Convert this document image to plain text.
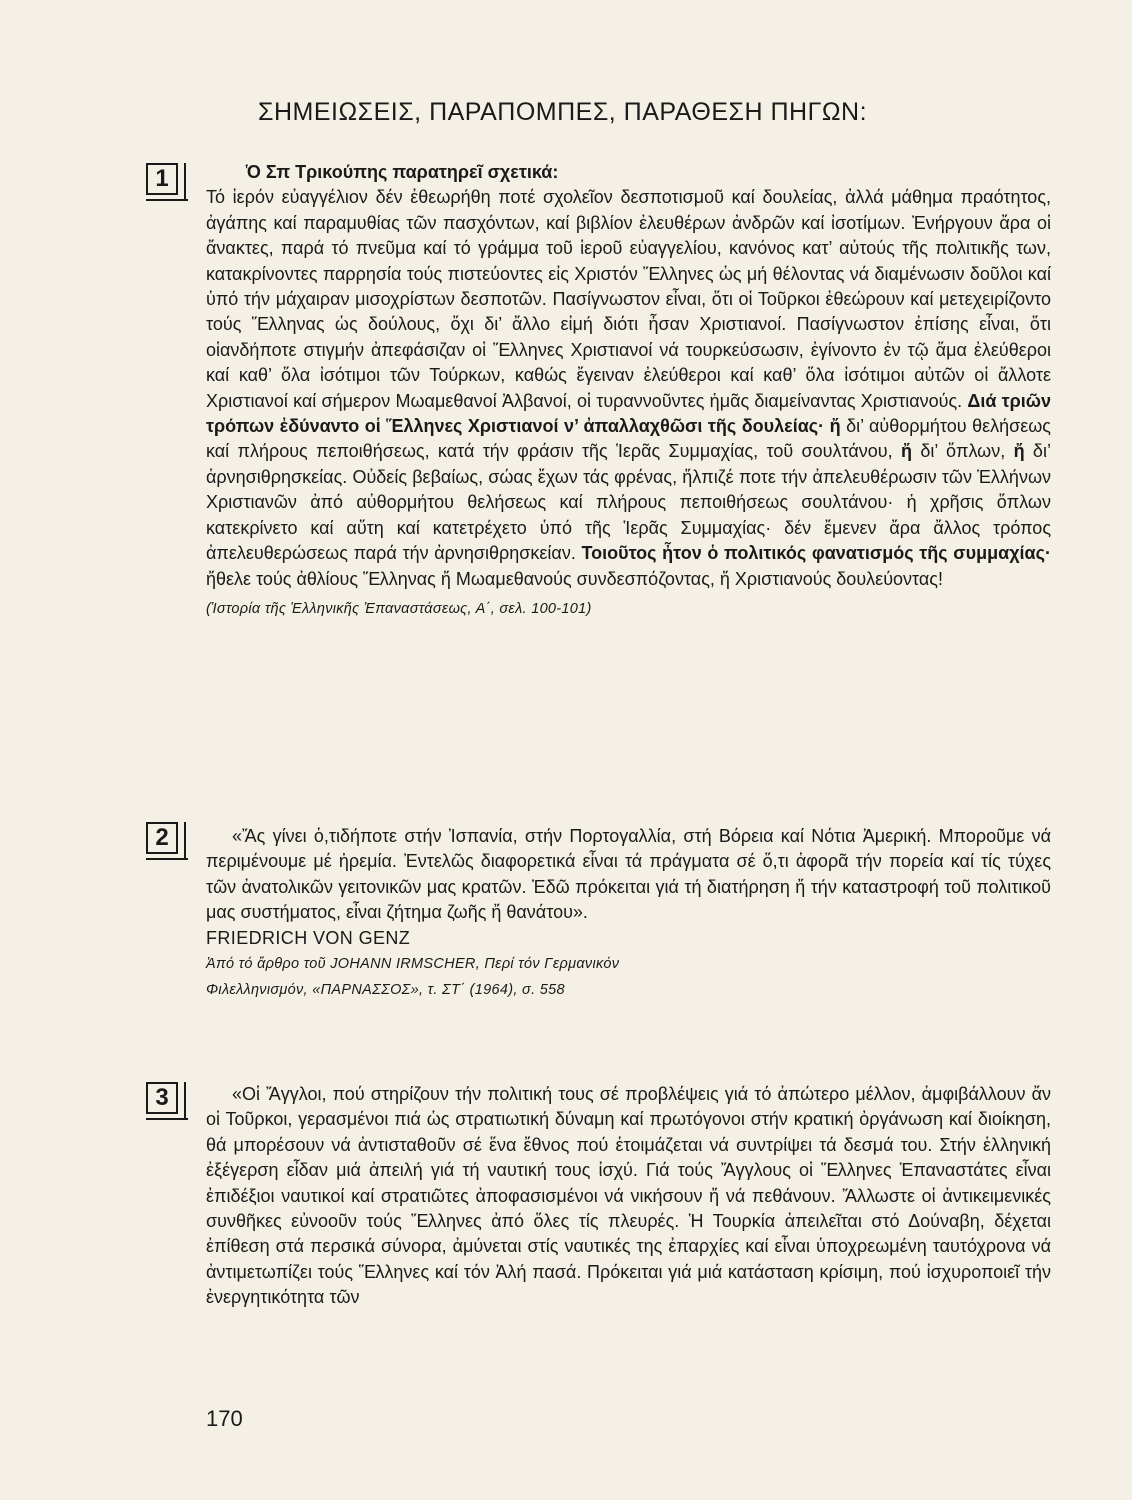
ΣΗΜΕΙΩΣΕΙΣ, ΠΑΡΑΠΟΜΠΕΣ, ΠΑΡΑΘΕΣΗ ΠΗΓΩΝ:
1	Ὁ Σπ Τρικούπης παρατηρεῖ σχετικά:

Τό ἱερόν εὐαγγέλιον δέν ἐθεωρήθη ποτέ σχολεῖον δεσποτισμοῦ καί δουλείας, ἀλλά μάθημα πραότητος, ἀγάπης καί παραμυθίας τῶν πασχόντων, καί βιβλίον ἐλευθέρων ἀνδρῶν καί ἰσοτίμων. Ἐνήργουν ἄρα οἱ ἄνακτες, παρά τό πνεῦμα καί τό γράμμα τοῦ ἱεροῦ εὐαγγελίου, κανόνος κατ’ αὐτούς τῆς πολιτικῆς των, κατακρίνοντες παρρησία τούς πιστεύοντες εἰς Χριστόν Ἕλληνες ὡς μή θέλοντας νά διαμένωσιν δοῦλοι καί ὑπό τήν μάχαιραν μισοχρίστων δεσποτῶν. Πασίγνωστον εἶναι, ὅτι οἱ Τοῦρκοι ἐθεώρουν καί μετεχειρίζοντο τούς Ἕλληνας ὡς δούλους, ὄχι δι’ ἄλλο εἰμή διότι ἦσαν Χριστιανοί. Πασίγνωστον ἐπίσης εἶναι, ὅτι οἱανδήποτε στιγμήν ἀπεφάσιζαν οἱ Ἕλληνες Χριστιανοί νά τουρκεύσωσιν, ἐγίνοντο ἐν τῷ ἅμα ἐλεύθεροι καί καθ’ ὅλα ἰσότιμοι τῶν Τούρκων, καθώς ἔγειναν ἐλεύθεροι καί καθ’ ὅλα ἰσότιμοι αὐτῶν οἱ ἄλλοτε Χριστιανοί καί σήμερον Μωαμεθανοί Ἀλβανοί, οἱ τυραννοῦντες ἡμᾶς διαμείναντας Χριστιανούς. Διά τριῶν τρόπων ἐδύναντο οἱ Ἕλληνες Χριστιανοί ν’ ἀπαλλαχθῶσι τῆς δουλείας· ἤ δι’ αὐθορμήτου θελήσεως καί πλήρους πεποιθήσεως, κατά τήν φράσιν τῆς Ἱερᾶς Συμμαχίας, τοῦ σουλτάνου, ἤ δι’ ὅπλων, ἤ δι’ ἀρνησιθρησκείας. Οὐδείς βεβαίως, σώας ἔχων τάς φρένας, ἤλπιζέ ποτε τήν ἀπελευθέρωσιν τῶν Ἑλλήνων Χριστιανῶν ἀπό αὐθορμήτου θελήσεως καί πλήρους πεποιθήσεως σουλτάνου· ἡ χρῆσις ὅπλων κατεκρίνετο καί αὕτη καί κατετρέχετο ὑπό τῆς Ἱερᾶς Συμμαχίας· δέν ἔμενεν ἄρα ἄλλος τρόπος ἀπελευθερώσεως παρά τήν ἀρνησιθρησκείαν. Τοιοῦτος ἦτον ὁ πολιτικός φανατισμός τῆς συμμαχίας· ἤθελε τούς ἀθλίους Ἕλληνας ἤ Μωαμεθανούς συνδεσπόζοντας, ἤ Χριστιανούς δουλεύοντας!

(Ἱστορία τῆς Ἑλληνικῆς Ἐπαναστάσεως, Α΄, σελ. 100-101)

2	«Ἄς γίνει ὁ,τιδήποτε στήν Ἰσπανία, στήν Πορτογαλλία, στή Βόρεια καί Νότια Ἀμερική. Μποροῦμε νά περιμένουμε μέ ἠρεμία. Ἐντελῶς διαφορετικά εἶναι τά πράγματα σέ ὅ,τι ἀφορᾶ τήν πορεία καί τίς τύχες τῶν ἀνατολικῶν γειτονικῶν μας κρατῶν. Ἐδῶ πρόκειται γιά τή διατήρηση ἤ τήν καταστροφή τοῦ πολιτικοῦ μας συστήματος, εἶναι ζήτημα ζωῆς ἤ θανάτου».

FRIEDRICH VON GENZ

Ἀπό τό ἄρθρο τοῦ JOHANN IRMSCHER, Περί τόν Γερμανικόν

Φιλελληνισμόν, «ΠΑΡΝΑΣΣΟΣ», τ. ΣΤ΄ (1964), σ. 558

3	«Οἱ Ἄγγλοι, πού στηρίζουν τήν πολιτική τους σέ προβλέψεις γιά τό ἀπώτερο μέλλον, ἀμφιβάλλουν ἄν οἱ Τοῦρκοι, γερασμένοι πιά ὡς στρατιωτική δύναμη καί πρωτόγονοι στήν κρατική ὀργάνωση καί διοίκηση, θά μπορέσουν νά ἀντισταθοῦν σέ ἕνα ἔθνος πού ἑτοιμάζεται νά συντρίψει τά δεσμά του. Στήν ἑλληνική ἐξέγερση εἶδαν μιά ἀπειλή γιά τή ναυτική τους ἰσχύ. Γιά τούς Ἄγγλους οἱ Ἕλληνες Ἐπαναστάτες εἶναι ἐπιδέξιοι ναυτικοί καί στρατιῶτες ἀποφασισμένοι νά νικήσουν ἤ νά πεθάνουν. Ἄλλωστε οἱ ἀντικειμενικές συνθῆκες εὐνοοῦν τούς Ἕλληνες ἀπό ὅλες τίς πλευρές. Ἡ Τουρκία ἀπειλεῖται στό Δούναβη, δέχεται ἐπίθεση στά περσικά σύνορα, ἀμύνεται στίς ναυτικές της ἐπαρχίες καί εἶναι ὑποχρεωμένη ταυτόχρονα νά ἀντιμετωπίζει τούς Ἕλληνες καί τόν Ἀλή πασά. Πρόκειται γιά μιά κατάσταση κρίσιμη, πού ἰσχυροποιεῖ τήν ἐνεργητικότητα τῶν

170
